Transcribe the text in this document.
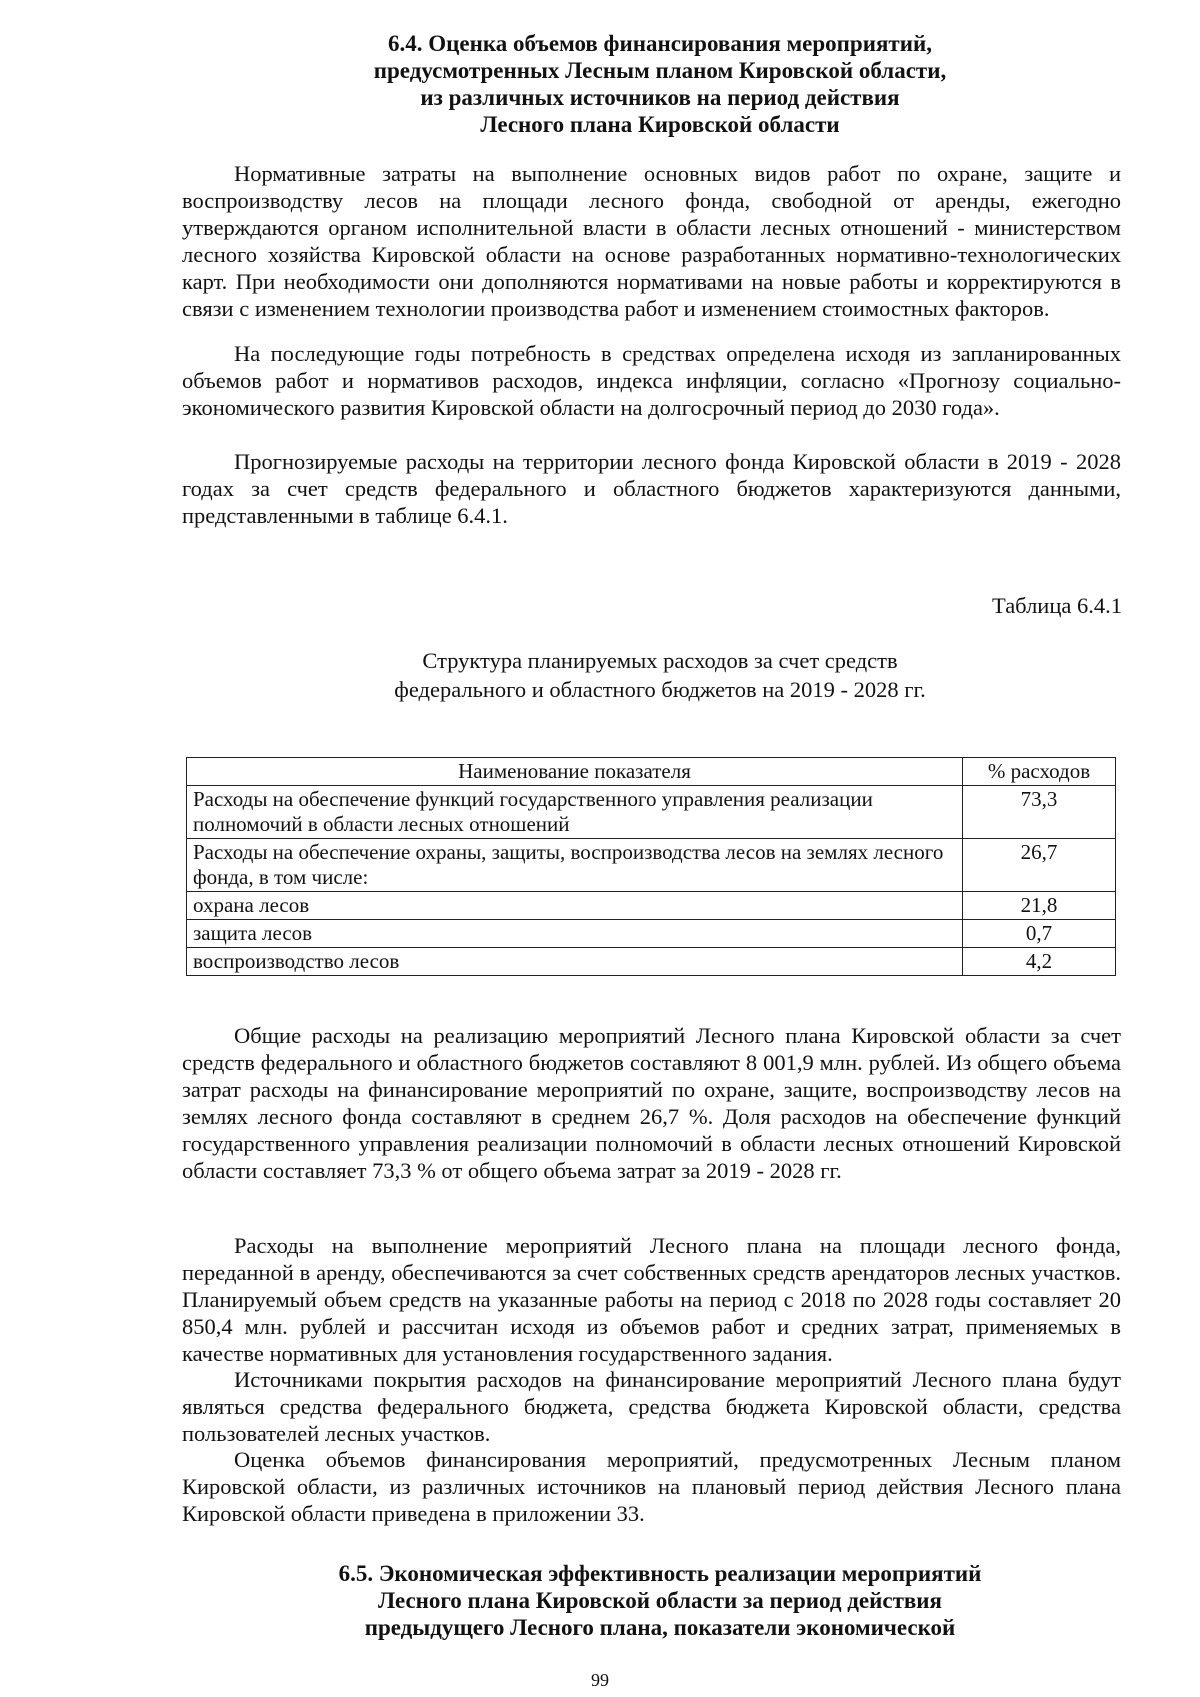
6.4. Оценка объемов финансирования мероприятий,
предусмотренных Лесным планом Кировской области,
из различных источников на период действия
Лесного плана Кировской области
Нормативные затраты на выполнение основных видов работ по охране, защите и воспроизводству лесов на площади лесного фонда, свободной от аренды, ежегодно утверждаются органом исполнительной власти в области лесных отношений - министерством лесного хозяйства Кировской области на основе разработанных нормативно-технологических карт. При необходимости они дополняются нормативами на новые работы и корректируются в связи с изменением технологии производства работ и изменением стоимостных факторов.
На последующие годы потребность в средствах определена исходя из запланированных объемов работ и нормативов расходов, индекса инфляции, согласно «Прогнозу социально-экономического развития Кировской области на долгосрочный период до 2030 года».
Прогнозируемые расходы на территории лесного фонда Кировской области в 2019 - 2028 годах за счет средств федерального и областного бюджетов характеризуются данными, представленными в таблице 6.4.1.
Таблица 6.4.1
Структура планируемых расходов за счет средств
федерального и областного бюджетов на 2019 - 2028 гг.
Наименование показателя	% расходов
Расходы на обеспечение функций государственного управления реализации полномочий в области лесных отношений	73,3
Расходы на обеспечение охраны, защиты, воспроизводства лесов на землях лесного фонда, в том числе:	26,7
охрана лесов	21,8
защита лесов	0,7
воспроизводство лесов	4,2
Общие расходы на реализацию мероприятий Лесного плана Кировской области за счет средств федерального и областного бюджетов составляют 8 001,9 млн. рублей. Из общего объема затрат расходы на финансирование мероприятий по охране, защите, воспроизводству лесов на землях лесного фонда составляют в среднем 26,7 %. Доля расходов на обеспечение функций государственного управления реализации полномочий в области лесных отношений Кировской области составляет 73,3 % от общего объема затрат за 2019 - 2028 гг.
Расходы на выполнение мероприятий Лесного плана на площади лесного фонда, переданной в аренду, обеспечиваются за счет собственных средств арендаторов лесных участков. Планируемый объем средств на указанные работы на период с 2018 по 2028 годы составляет 20 850,4 млн. рублей и рассчитан исходя из объемов работ и средних затрат, применяемых в качестве нормативных для установления государственного задания.
Источниками покрытия расходов на финансирование мероприятий Лесного плана будут являться средства федерального бюджета, средства бюджета Кировской области, средства пользователей лесных участков.
Оценка объемов финансирования мероприятий, предусмотренных Лесным планом Кировской области, из различных источников на плановый период действия Лесного плана Кировской области приведена в приложении 33.
6.5. Экономическая эффективность реализации мероприятий
Лесного плана Кировской области за период действия
предыдущего Лесного плана, показатели экономической
99
